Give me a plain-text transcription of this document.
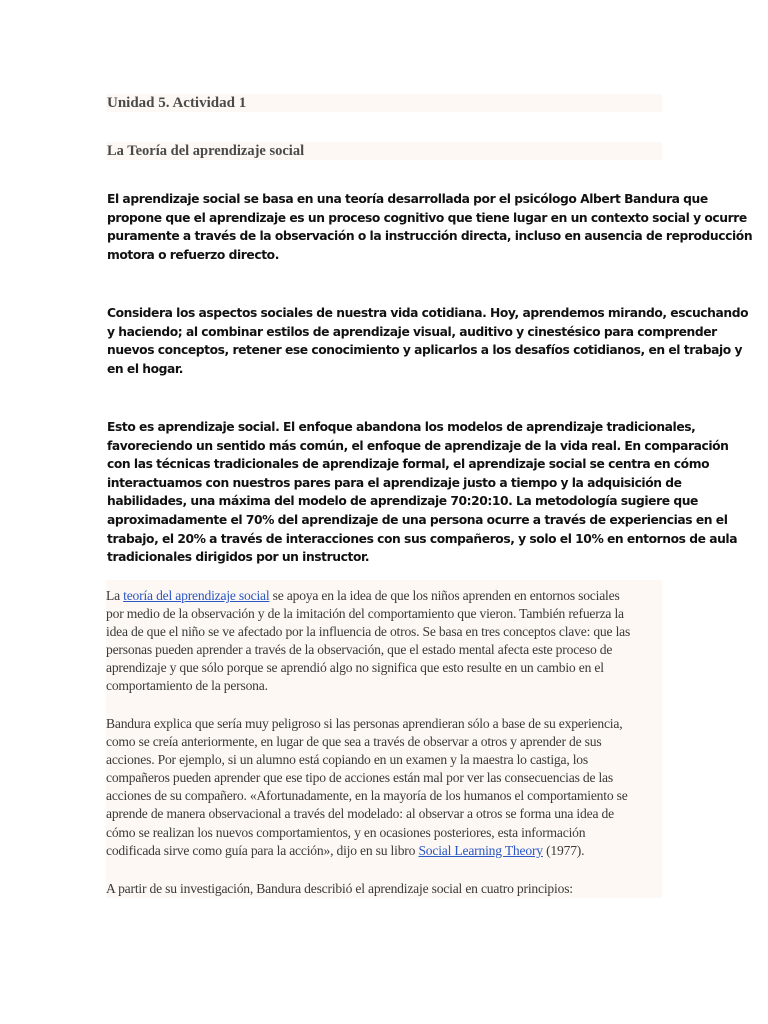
Unidad 5. Actividad 1
La Teoría del aprendizaje social
El aprendizaje social se basa en una teoría desarrollada por el psicólogo Albert Bandura que
propone que el aprendizaje es un proceso cognitivo que tiene lugar en un contexto social y ocurre
puramente a través de la observación o la instrucción directa, incluso en ausencia de reproducción
motora o refuerzo directo.
Considera los aspectos sociales de nuestra vida cotidiana. Hoy, aprendemos mirando, escuchando
y haciendo; al combinar estilos de aprendizaje visual, auditivo y cinestésico para comprender
nuevos conceptos, retener ese conocimiento y aplicarlos a los desafíos cotidianos, en el trabajo y
en el hogar.
Esto es aprendizaje social. El enfoque abandona los modelos de aprendizaje tradicionales,
favoreciendo un sentido más común, el enfoque de aprendizaje de la vida real. En comparación
con las técnicas tradicionales de aprendizaje formal, el aprendizaje social se centra en cómo
interactuamos con nuestros pares para el aprendizaje justo a tiempo y la adquisición de
habilidades, una máxima del modelo de aprendizaje 70:20:10. La metodología sugiere que
aproximadamente el 70% del aprendizaje de una persona ocurre a través de experiencias en el
trabajo, el 20% a través de interacciones con sus compañeros, y solo el 10% en entornos de aula
tradicionales dirigidos por un instructor.
La teoría del aprendizaje social se apoya en la idea de que los niños aprenden en entornos sociales
por medio de la observación y de la imitación del comportamiento que vieron. También refuerza la
idea de que el niño se ve afectado por la influencia de otros. Se basa en tres conceptos clave: que las
personas pueden aprender a través de la observación, que el estado mental afecta este proceso de
aprendizaje y que sólo porque se aprendió algo no significa que esto resulte en un cambio en el
comportamiento de la persona.
Bandura explica que sería muy peligroso si las personas aprendieran sólo a base de su experiencia,
como se creía anteriormente, en lugar de que sea a través de observar a otros y aprender de sus
acciones. Por ejemplo, si un alumno está copiando en un examen y la maestra lo castiga, los
compañeros pueden aprender que ese tipo de acciones están mal por ver las consecuencias de las
acciones de su compañero. «Afortunadamente, en la mayoría de los humanos el comportamiento se
aprende de manera observacional a través del modelado: al observar a otros se forma una idea de
cómo se realizan los nuevos comportamientos, y en ocasiones posteriores, esta información
codificada sirve como guía para la acción», dijo en su libro Social Learning Theory (1977).
A partir de su investigación, Bandura describió el aprendizaje social en cuatro principios:
